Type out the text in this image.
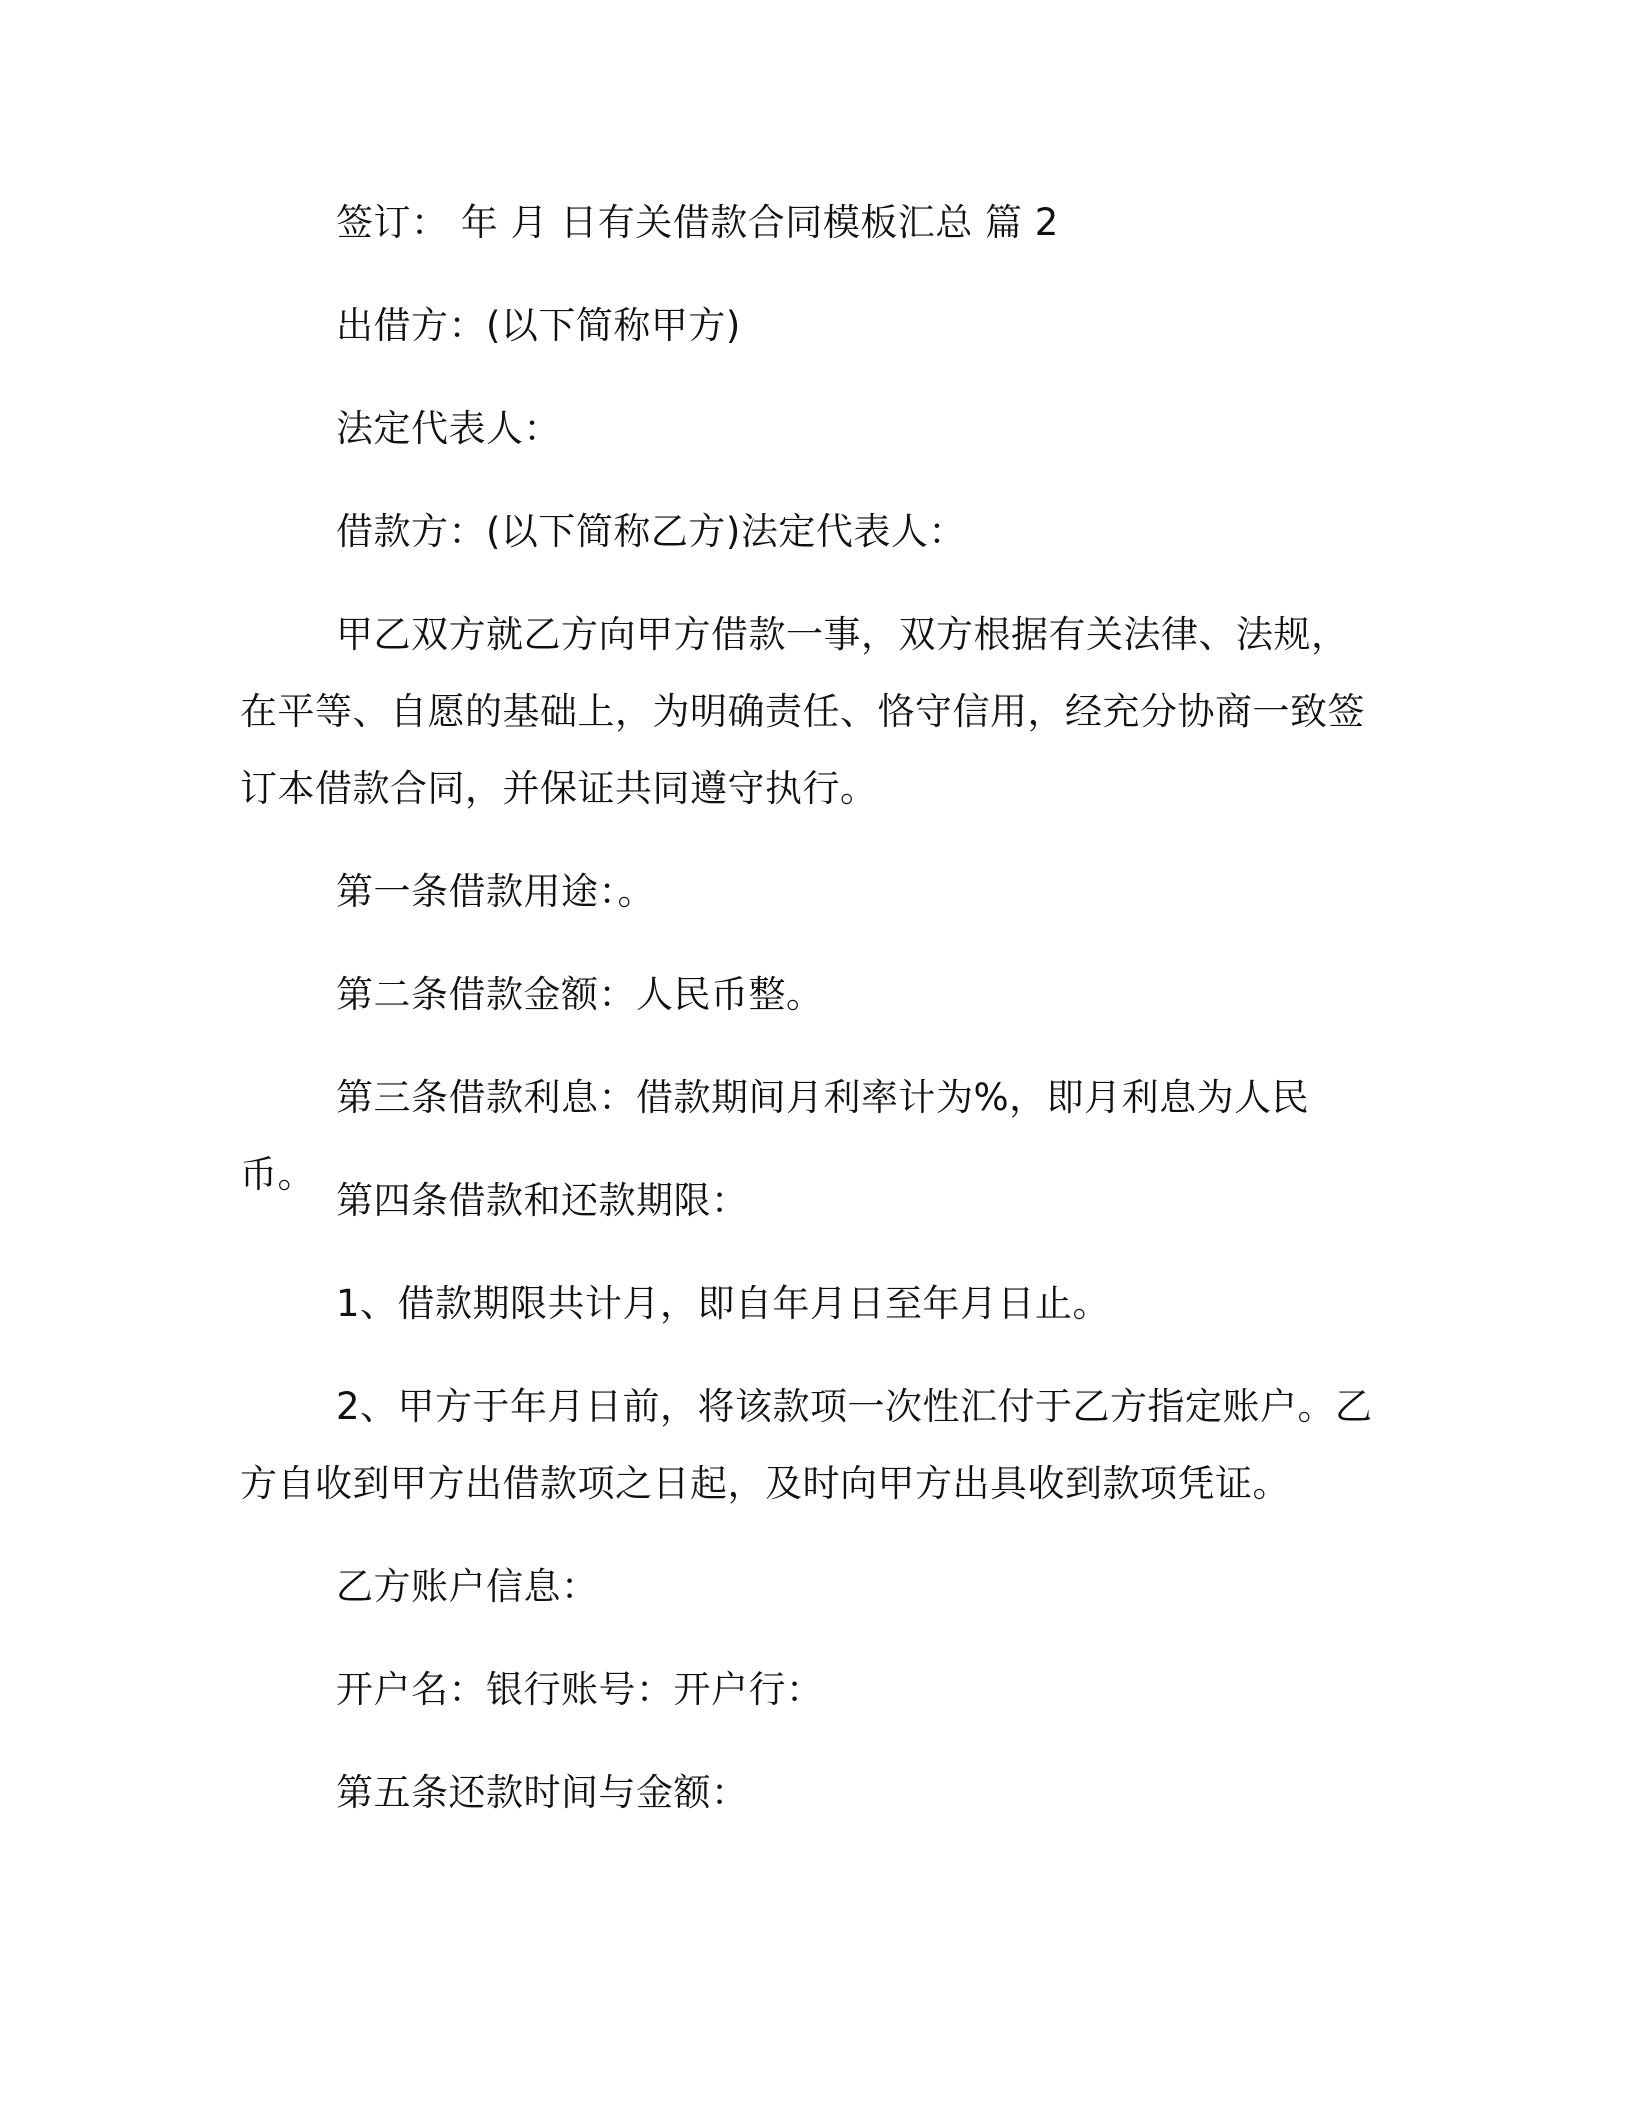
签订： 年 月 日有关借款合同模板汇总 篇 2

出借方：(以下简称甲方)

法定代表人：

借款方：(以下简称乙方)法定代表人：

甲乙双方就乙方向甲方借款一事，双方根据有关法律、法规，在平等、自愿的基础上，为明确责任、恪守信用，经充分协商一致签订本借款合同，并保证共同遵守执行。

第一条借款用途：。

第二条借款金额：人民币整。

第三条借款利息：借款期间月利率计为%，即月利息为人民币。

第四条借款和还款期限：

1、借款期限共计月，即自年月日至年月日止。

2、甲方于年月日前，将该款项一次性汇付于乙方指定账户。乙方自收到甲方出借款项之日起，及时向甲方出具收到款项凭证。

乙方账户信息：

开户名：银行账号：开户行：

第五条还款时间与金额：
